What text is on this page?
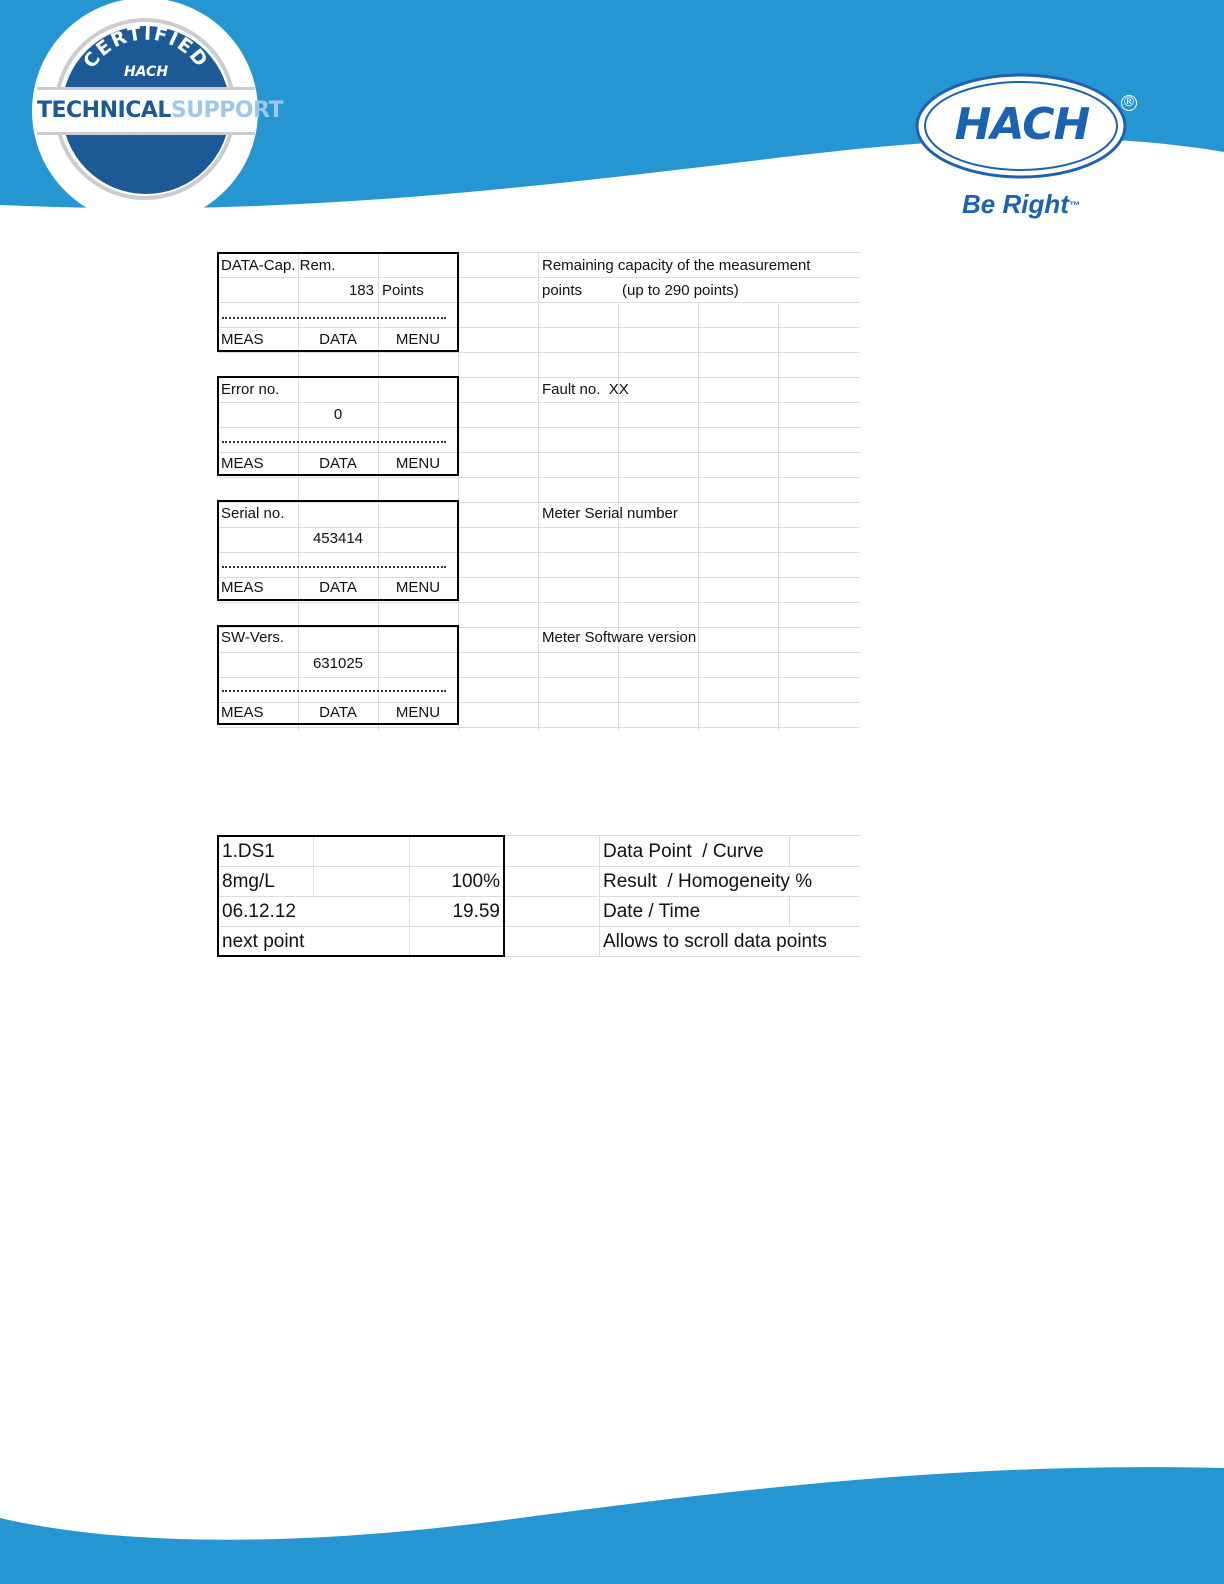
CERTIFIED
HACH
TECHNICALSUPPORT	HACH	®
Be Right™
DATA-Cap. Rem.
183 Points
MEAS	DATA	MENU
Remaining capacity of the measurement
points	(up to 290 points)
Error no.
0
MEAS	DATA	MENU
Fault no.  XX
Serial no.
453414
MEAS	DATA	MENU
Meter Serial number
SW-Vers.
631025
MEAS	DATA	MENU
Meter Software version
1.DS1	Data Point  / Curve
8mg/L	100%	Result  / Homogeneity %
06.12.12	19.59	Date / Time
next point	Allows to scroll data points
